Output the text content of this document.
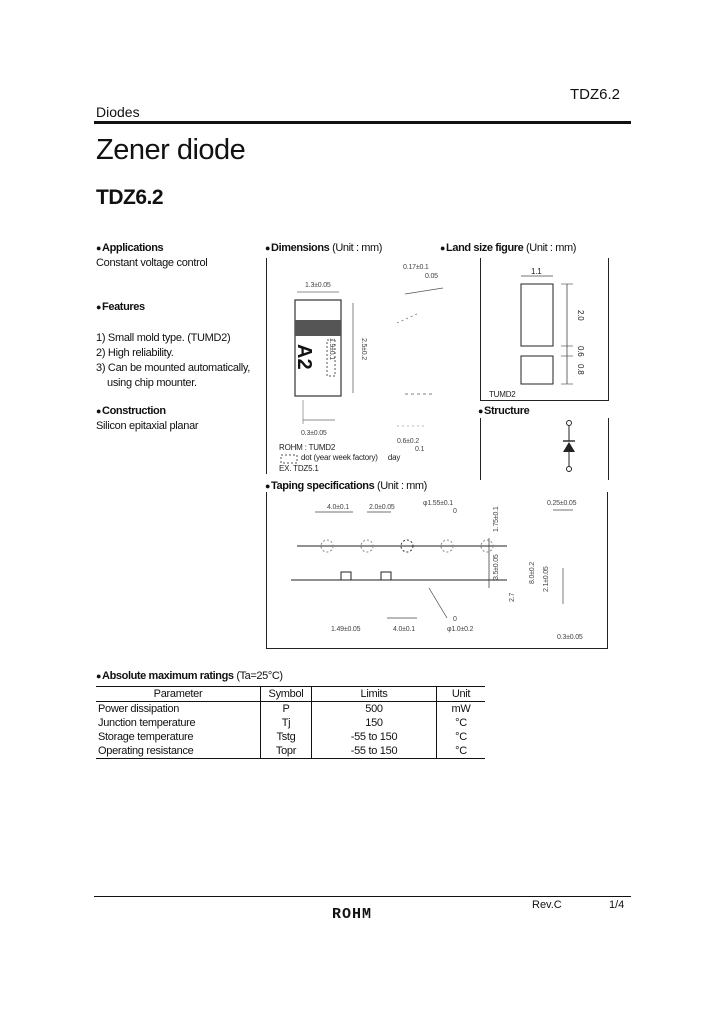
TDZ6.2
Diodes
Zener diode
TDZ6.2
●Applications
Constant voltage control
●Features

1) Small mold type. (TUMD2)
2) High reliability.
3) Can be mounted automatically,
using chip mounter.

●Construction
Silicon epitaxial planar
●Dimensions (Unit : mm)
A2
1.3±0.05
0.17±0.1
0.05
2.5±0.2
1.9±0.1
0.3±0.05
0.6±0.2
0.1
ROHM : TUMD2
dot (year week factory)     day
EX. TDZ5.1
●Land size figure (Unit : mm)
1.1
2.0
0.6
0.8
TUMD2
●Structure
●Taping specifications (Unit : mm)
4.0±0.1	2.0±0.05
φ1.55±0.1
0	1.75±0.1
3.5±0.05	8.0±0.2 2.1±0.05
0.25±0.05
1.49±0.05	4.0±0.1	φ1.0±0.2
0
0.3±0.05
2.7
●Absolute maximum ratings (Ta=25°C)
Parameter	Symbol	Limits	Unit
Power dissipation	P	500	mW
Junction temperature	Tj	150	°C
Storage temperature	Tstg	-55 to 150	°C
Operating resistance	Topr	-55 to 150	°C
Rev.C	1/4
ROHM
